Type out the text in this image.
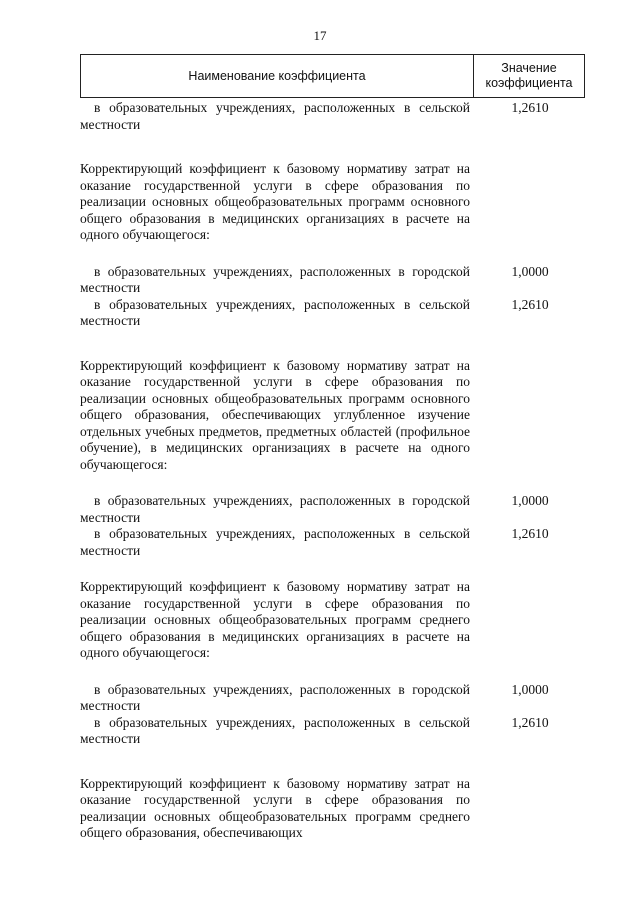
17
Наименование коэффициента
Значение коэффициента
в образовательных учреждениях, расположенных в сельской местности
1,2610
Корректирующий коэффициент к базовому нормативу затрат на оказание государственной услуги в сфере образования по реализации основных общеобразовательных программ основного общего образования в медицинских организациях в расчете на одного обучающегося:
в образовательных учреждениях, расположенных в городской местности
1,0000
в образовательных учреждениях, расположенных в сельской местности
1,2610
Корректирующий коэффициент к базовому нормативу затрат на оказание государственной услуги в сфере образования по реализации основных общеобразовательных программ основного общего образования, обеспечивающих углубленное изучение отдельных учебных предметов, предметных областей (профильное обучение), в медицинских организациях в расчете на одного обучающегося:
в образовательных учреждениях, расположенных в городской местности
1,0000
в образовательных учреждениях, расположенных в сельской местности
1,2610
Корректирующий коэффициент к базовому нормативу затрат на оказание государственной услуги в сфере образования по реализации основных общеобразовательных программ среднего общего образования в медицинских организациях в расчете на одного обучающегося:
в образовательных учреждениях, расположенных в городской местности
1,0000
в образовательных учреждениях, расположенных в сельской местности
1,2610
Корректирующий коэффициент к базовому нормативу затрат на оказание государственной услуги в сфере образования по реализации основных общеобразовательных программ среднего общего образования, обеспечивающих
